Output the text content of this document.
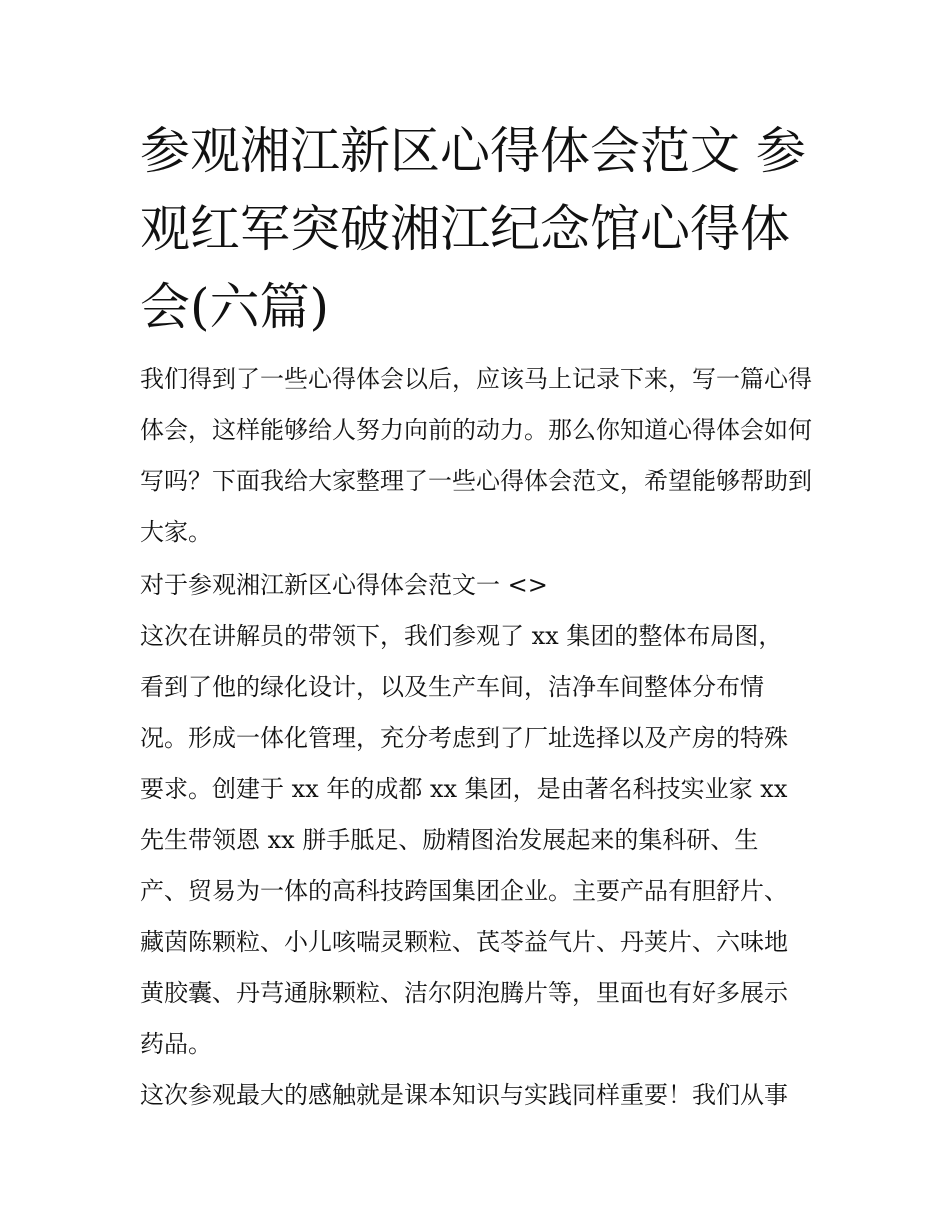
参观湘江新区心得体会范文 参观红军突破湘江纪念馆心得体会(六篇)

我们得到了一些心得体会以后，应该马上记录下来，写一篇心得体会，这样能够给人努力向前的动力。那么你知道心得体会如何写吗？下面我给大家整理了一些心得体会范文，希望能够帮助到大家。

对于参观湘江新区心得体会范文一 <>

这次在讲解员的带领下，我们参观了 xx 集团的整体布局图，
看到了他的绿化设计，以及生产车间，洁净车间整体分布情
况。形成一体化管理，充分考虑到了厂址选择以及产房的特殊
要求。创建于 xx 年的成都 xx 集团，是由著名科技实业家 xx
先生带领恩 xx 胼手胝足、励精图治发展起来的集科研、生
产、贸易为一体的高科技跨国集团企业。主要产品有胆舒片、
藏茵陈颗粒、小儿咳喘灵颗粒、芪苓益气片、丹荚片、六味地
黄胶囊、丹芎通脉颗粒、洁尔阴泡腾片等，里面也有好多展示
药品。

这次参观最大的感触就是课本知识与实践同样重要！我们从事
